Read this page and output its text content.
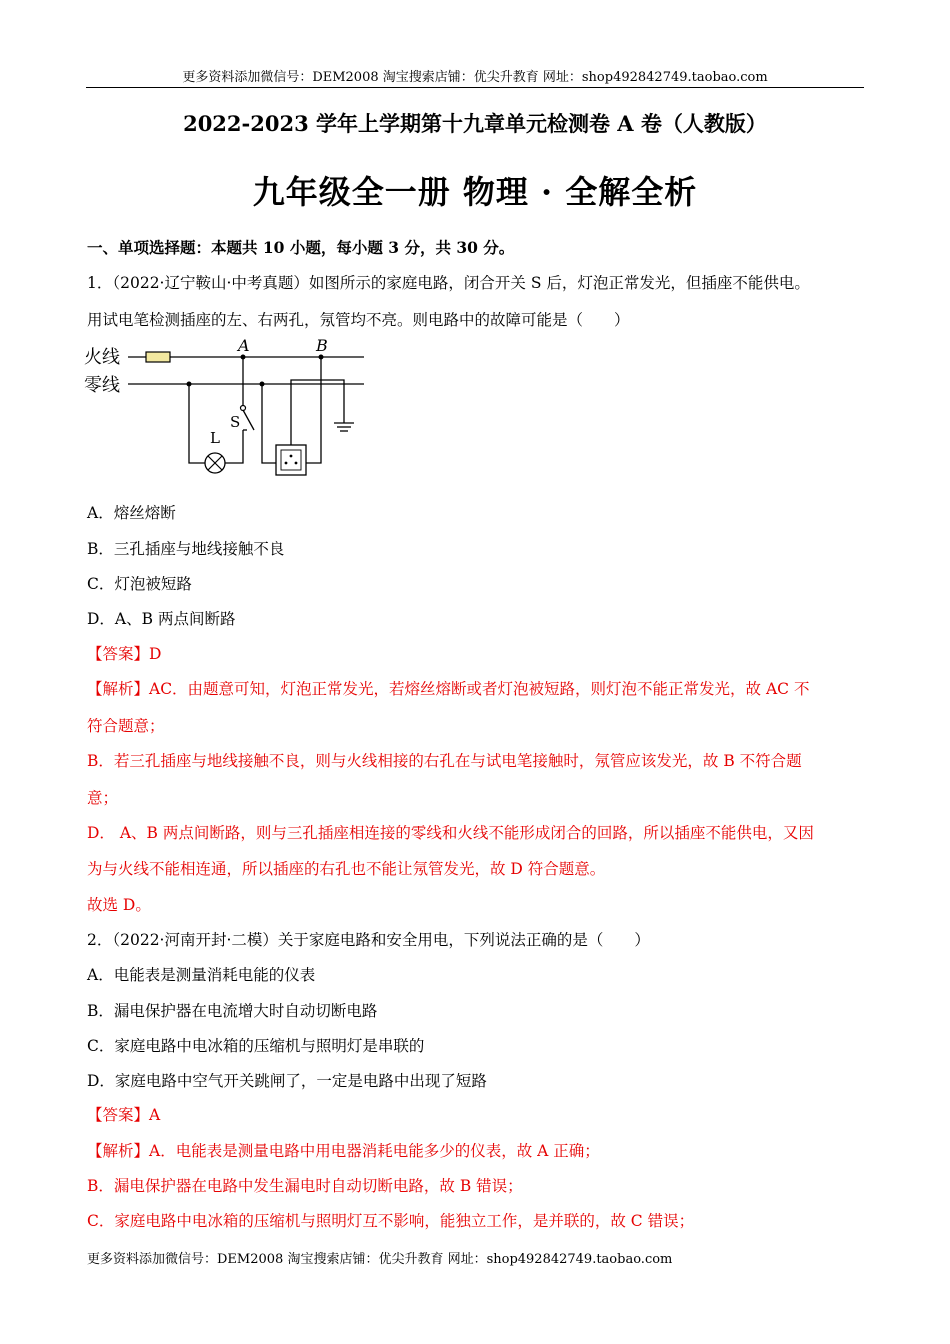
更多资料添加微信号：DEM2008 淘宝搜索店铺：优尖升教育 网址：shop492842749.taobao.com
2022-2023 学年上学期第十九章单元检测卷 A 卷（人教版）
九年级全一册 物理 · 全解全析
一、单项选择题：本题共 10 小题，每小题 3 分，共 30 分。
1．（2022·辽宁鞍山·中考真题）如图所示的家庭电路，闭合开关 S 后，灯泡正常发光，但插座不能供电。
用试电笔检测插座的左、右两孔，氖管均不亮。则电路中的故障可能是（　　）
火线
零线
A	B
L
S
A．熔丝熔断
B．三孔插座与地线接触不良
C．灯泡被短路
D．A、B 两点间断路
【答案】D
【解析】AC．由题意可知，灯泡正常发光，若熔丝熔断或者灯泡被短路，则灯泡不能正常发光，故 AC 不
符合题意；
B．若三孔插座与地线接触不良，则与火线相接的右孔在与试电笔接触时，氖管应该发光，故 B 不符合题
意；
D． A、B 两点间断路，则与三孔插座相连接的零线和火线不能形成闭合的回路，所以插座不能供电，又因
为与火线不能相连通，所以插座的右孔也不能让氖管发光，故 D 符合题意。
故选 D。
2．（2022·河南开封·二模）关于家庭电路和安全用电，下列说法正确的是（　　）
A．电能表是测量消耗电能的仪表
B．漏电保护器在电流增大时自动切断电路
C．家庭电路中电冰箱的压缩机与照明灯是串联的
D．家庭电路中空气开关跳闸了，一定是电路中出现了短路
【答案】A
【解析】A．电能表是测量电路中用电器消耗电能多少的仪表，故 A 正确；
B．漏电保护器在电路中发生漏电时自动切断电路，故 B 错误；
C．家庭电路中电冰箱的压缩机与照明灯互不影响，能独立工作，是并联的，故 C 错误；
更多资料添加微信号：DEM2008 淘宝搜索店铺：优尖升教育 网址：shop492842749.taobao.com
